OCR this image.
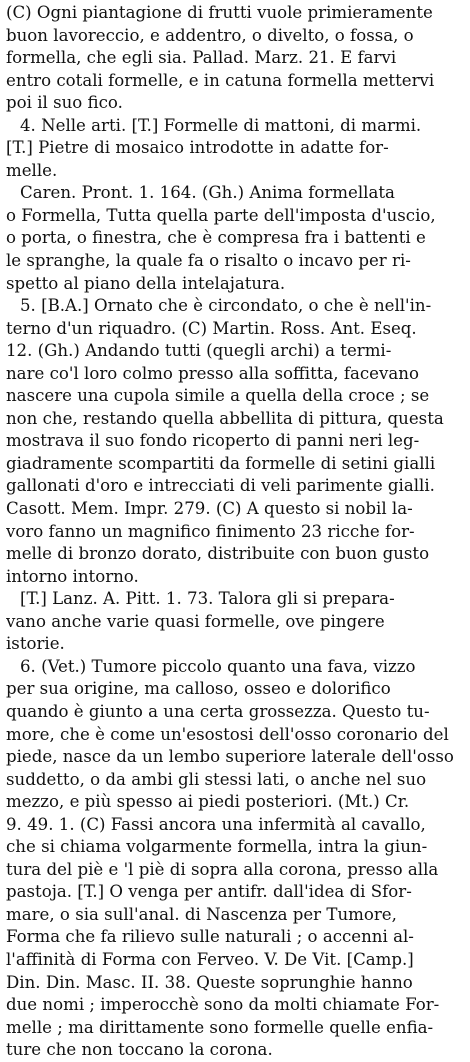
(C) Ogni piantagione di frutti vuole primieramente
buon lavoreccio, e addentro, o divelto, o fossa, o
formella, che egli sia. Pallad. Marz. 21. E farvi
entro cotali formelle, e in catuna formella mettervi
poi il suo fico.
4. Nelle arti. [T.] Formelle di mattoni, di marmi.
[T.] Pietre di mosaico introdotte in adatte for-
melle.
Caren. Pront. 1. 164. (Gh.) Anima formellata
o Formella, Tutta quella parte dell'imposta d'uscio,
o porta, o finestra, che è compresa fra i battenti e
le spranghe, la quale fa o risalto o incavo per ri-
spetto al piano della intelajatura.
5. [B.A.] Ornato che è circondato, o che è nell'in-
terno d'un riquadro. (C) Martin. Ross. Ant. Eseq.
12. (Gh.) Andando tutti (quegli archi) a termi-
nare co'l loro colmo presso alla soffitta, facevano
nascere una cupola simile a quella della croce ; se
non che, restando quella abbellita di pittura, questa
mostrava il suo fondo ricoperto di panni neri leg-
giadramente scompartiti da formelle di setini gialli
gallonati d'oro e intrecciati di veli parimente gialli.
Casott. Mem. Impr. 279. (C) A questo si nobil la-
voro fanno un magnifico finimento 23 ricche for-
melle di bronzo dorato, distribuite con buon gusto
intorno intorno.
[T.] Lanz. A. Pitt. 1. 73. Talora gli si prepara-
vano anche varie quasi formelle, ove pingere
istorie.
6. (Vet.) Tumore piccolo quanto una fava, vizzo
per sua origine, ma calloso, osseo e dolorifico
quando è giunto a una certa grossezza. Questo tu-
more, che è come un'esostosi dell'osso coronario del
piede, nasce da un lembo superiore laterale dell'osso
suddetto, o da ambi gli stessi lati, o anche nel suo
mezzo, e più spesso ai piedi posteriori. (Mt.) Cr.
9. 49. 1. (C) Fassi ancora una infermità al cavallo,
che si chiama volgarmente formella, intra la giun-
tura del piè e 'l piè di sopra alla corona, presso alla
pastoja. [T.] O venga per antifr. dall'idea di Sfor-
mare, o sia sull'anal. di Nascenza per Tumore,
Forma che fa rilievo sulle naturali ; o accenni al-
l'affinità di Forma con Ferveo. V. De Vit. [Camp.]
Din. Din. Masc. II. 38. Queste soprunghie hanno
due nomi ; imperocchè sono da molti chiamate For-
melle ; ma dirittamente sono formelle quelle enfia-
ture che non toccano la corona.
